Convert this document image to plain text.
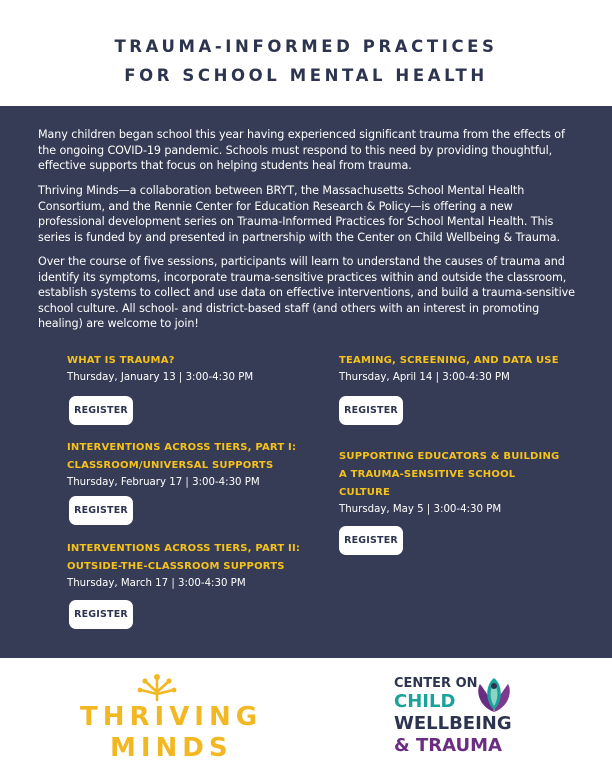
TRAUMA-INFORMED PRACTICES
FOR SCHOOL MENTAL HEALTH

Many children began school this year having experienced significant trauma from the effects of the ongoing COVID-19 pandemic. Schools must respond to this need by providing thoughtful, effective supports that focus on helping students heal from trauma.

Thriving Minds—a collaboration between BRYT, the Massachusetts School Mental Health Consortium, and the Rennie Center for Education Research & Policy—is offering a new professional development series on Trauma-Informed Practices for School Mental Health. This series is funded by and presented in partnership with the Center on Child Wellbeing & Trauma.

Over the course of five sessions, participants will learn to understand the causes of trauma and identify its symptoms, incorporate trauma-sensitive practices within and outside the classroom, establish systems to collect and use data on effective interventions, and build a trauma-sensitive school culture. All school- and district-based staff (and others with an interest in promoting healing) are welcome to join!

WHAT IS TRAUMA?
Thursday, January 13 | 3:00-4:30 PM
REGISTER
INTERVENTIONS ACROSS TIERS, PART I:
CLASSROOM/UNIVERSAL SUPPORTS
Thursday, February 17 | 3:00-4:30 PM
REGISTER
INTERVENTIONS ACROSS TIERS, PART II:
OUTSIDE-THE-CLASSROOM SUPPORTS
Thursday, March 17 | 3:00-4:30 PM
REGISTER
TEAMING, SCREENING, AND DATA USE
Thursday, April 14 | 3:00-4:30 PM
REGISTER
SUPPORTING EDUCATORS & BUILDING
A TRAUMA-SENSITIVE SCHOOL
CULTURE
Thursday, May 5 | 3:00-4:30 PM
REGISTER
THRIVING
MINDS
CENTER ON
CHILD
WELLBEING
& TRAUMA
